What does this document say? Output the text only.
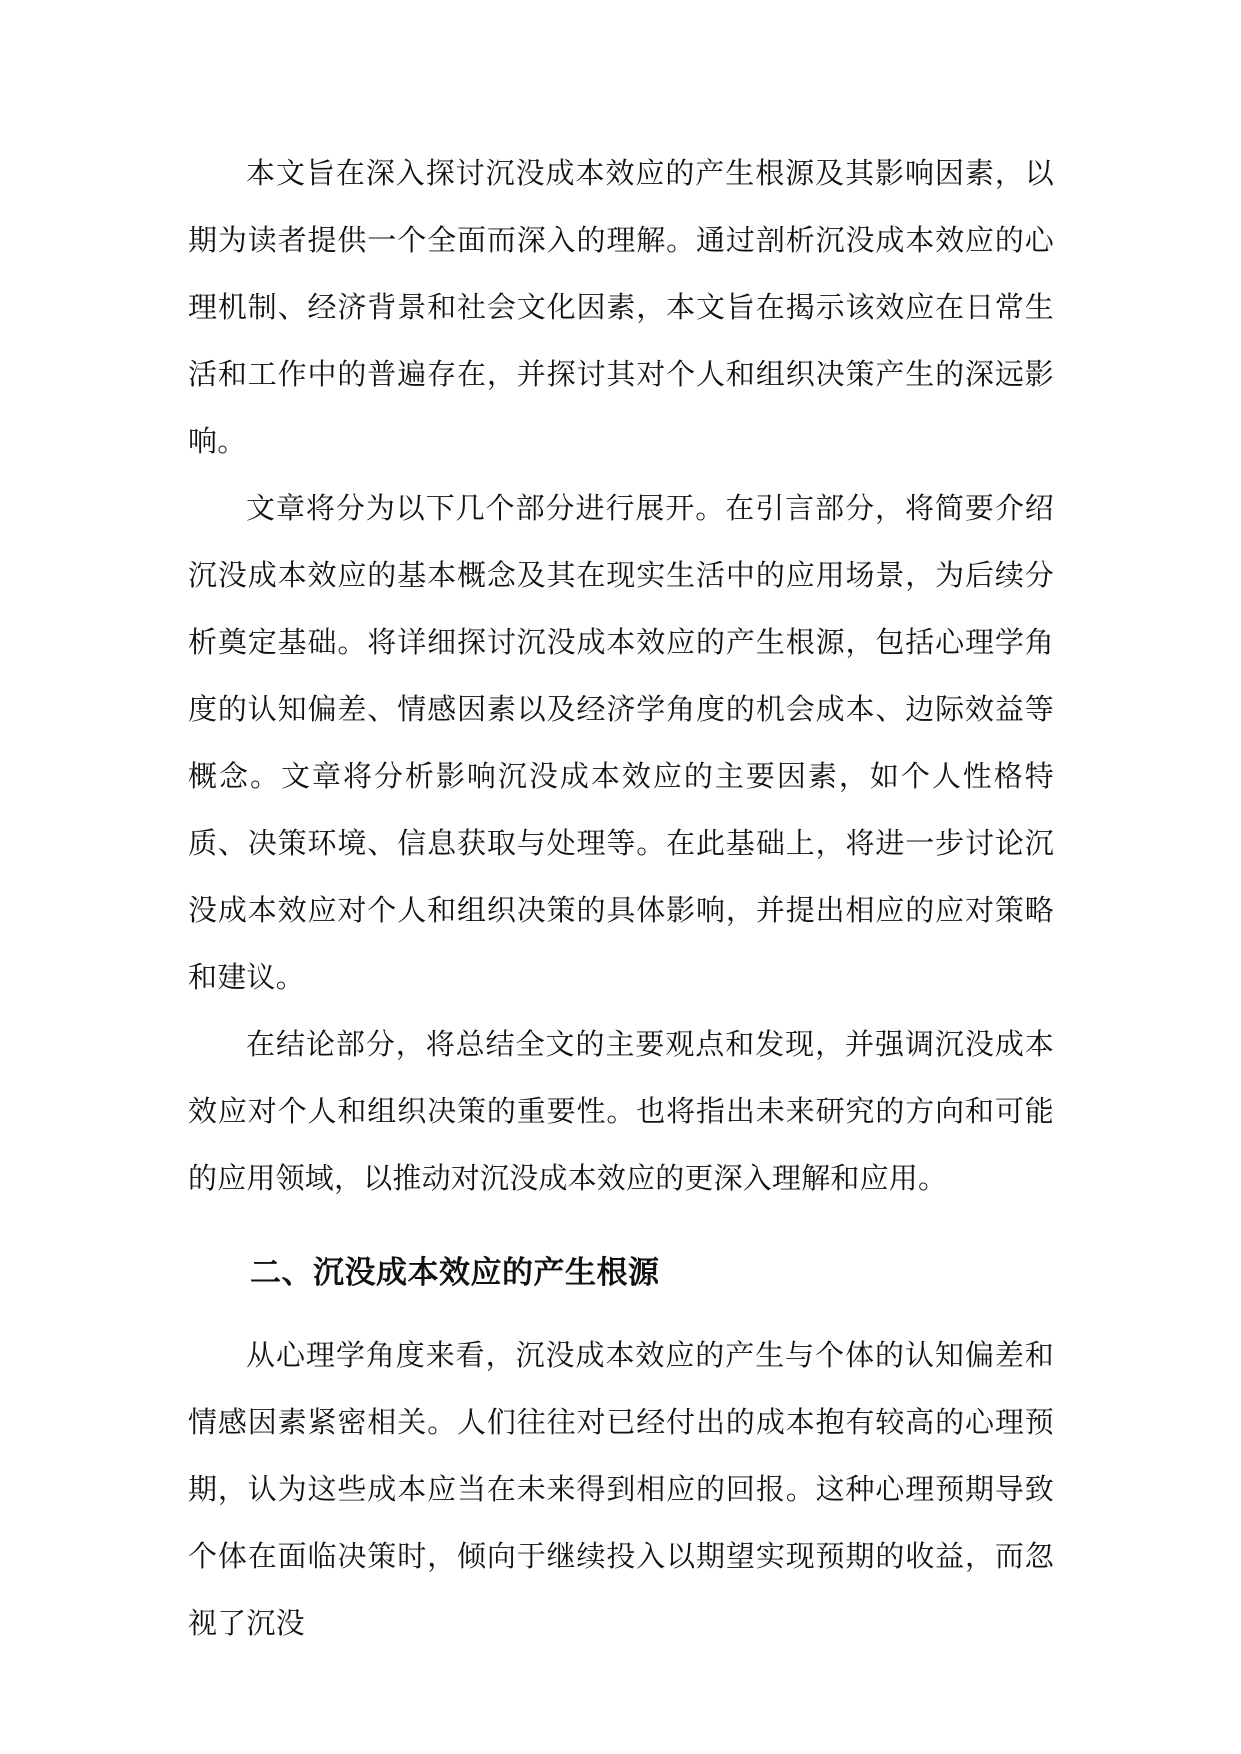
本文旨在深入探讨沉没成本效应的产生根源及其影响因素，以期为读者提供一个全面而深入的理解。通过剖析沉没成本效应的心理机制、经济背景和社会文化因素，本文旨在揭示该效应在日常生活和工作中的普遍存在，并探讨其对个人和组织决策产生的深远影响。

文章将分为以下几个部分进行展开。在引言部分，将简要介绍沉没成本效应的基本概念及其在现实生活中的应用场景，为后续分析奠定基础。将详细探讨沉没成本效应的产生根源，包括心理学角度的认知偏差、情感因素以及经济学角度的机会成本、边际效益等概念。文章将分析影响沉没成本效应的主要因素，如个人性格特质、决策环境、信息获取与处理等。在此基础上，将进一步讨论沉没成本效应对个人和组织决策的具体影响，并提出相应的应对策略和建议。

在结论部分，将总结全文的主要观点和发现，并强调沉没成本效应对个人和组织决策的重要性。也将指出未来研究的方向和可能的应用领域，以推动对沉没成本效应的更深入理解和应用。

二、沉没成本效应的产生根源

从心理学角度来看，沉没成本效应的产生与个体的认知偏差和情感因素紧密相关。人们往往对已经付出的成本抱有较高的心理预期，认为这些成本应当在未来得到相应的回报。这种心理预期导致个体在面临决策时，倾向于继续投入以期望实现预期的收益，而忽视了沉没
